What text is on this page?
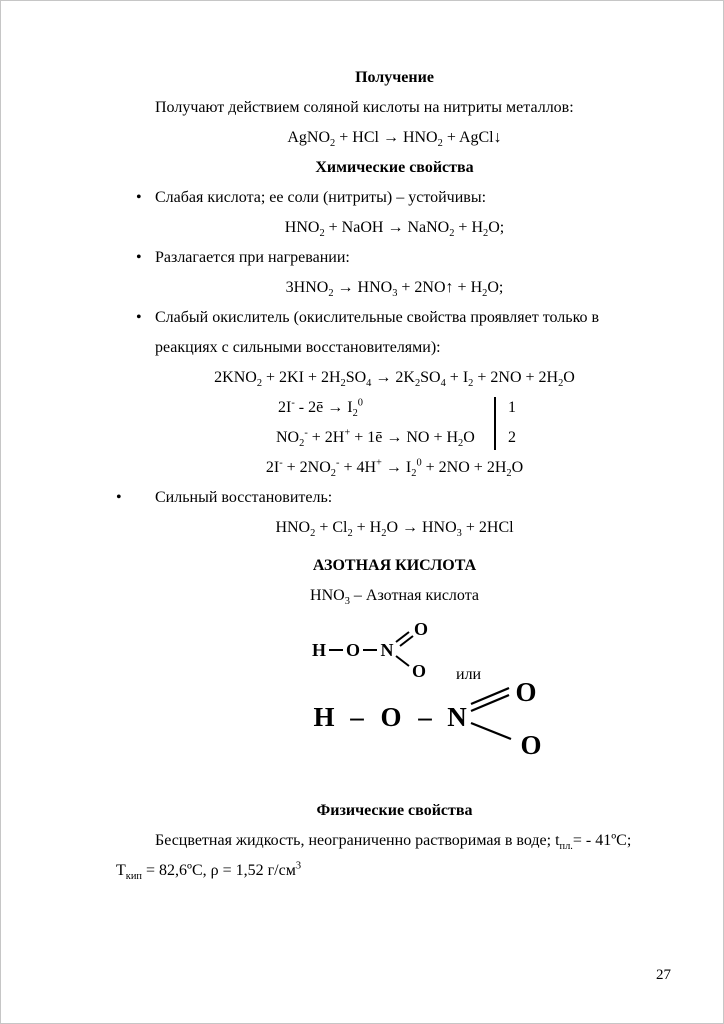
Получение

Получают действием соляной кислоты на нитриты металлов:

AgNO$_2$ + HCl → $HNO_2$ + AgCl↓
Химические свойства
• Слабая кислота; ее соли (нитриты) – устойчивы:
$HNO_2$ + NaOH → NaNO$_2$ + $H_2O$;
• Разлагается при нагревании:
$3HNO_2 \to HNO_3$ + 2NO↑ + $H_2O$;
• Слабый окислитель (окислительные свойства проявляет только в реакциях с сильными восстановителями):
$2KNO_2 + 2KI + 2H_2SO_4 \to 2K_2SO_4 + I_2 + 2NO + 2H_2O$
2I- - 2ē → $I_2^0$
$NO_2^- + 2H^+$ + 1ē → NO + $H_2O$
1
2
$2I^- + 2NO_2^- + 4H^+ \to I_2^0 + 2NO + 2H_2O$
• Сильный восстановитель:
$HNO_2 + Cl_2 + H_2O \to HNO_3 + 2HCl$
АЗОТНАЯ КИСЛОТА
$HNO_3$ – Азотная кислота
H O N
O
O или
H – O – N
O
O
Физические свойства

Бесцветная жидкость, неограниченно растворимая в воде; $t_{пл.}=$ - 41ºС;

$Т_{кип}$ = 82,6ºС, ρ = 1,52 $г/см^3$

27
